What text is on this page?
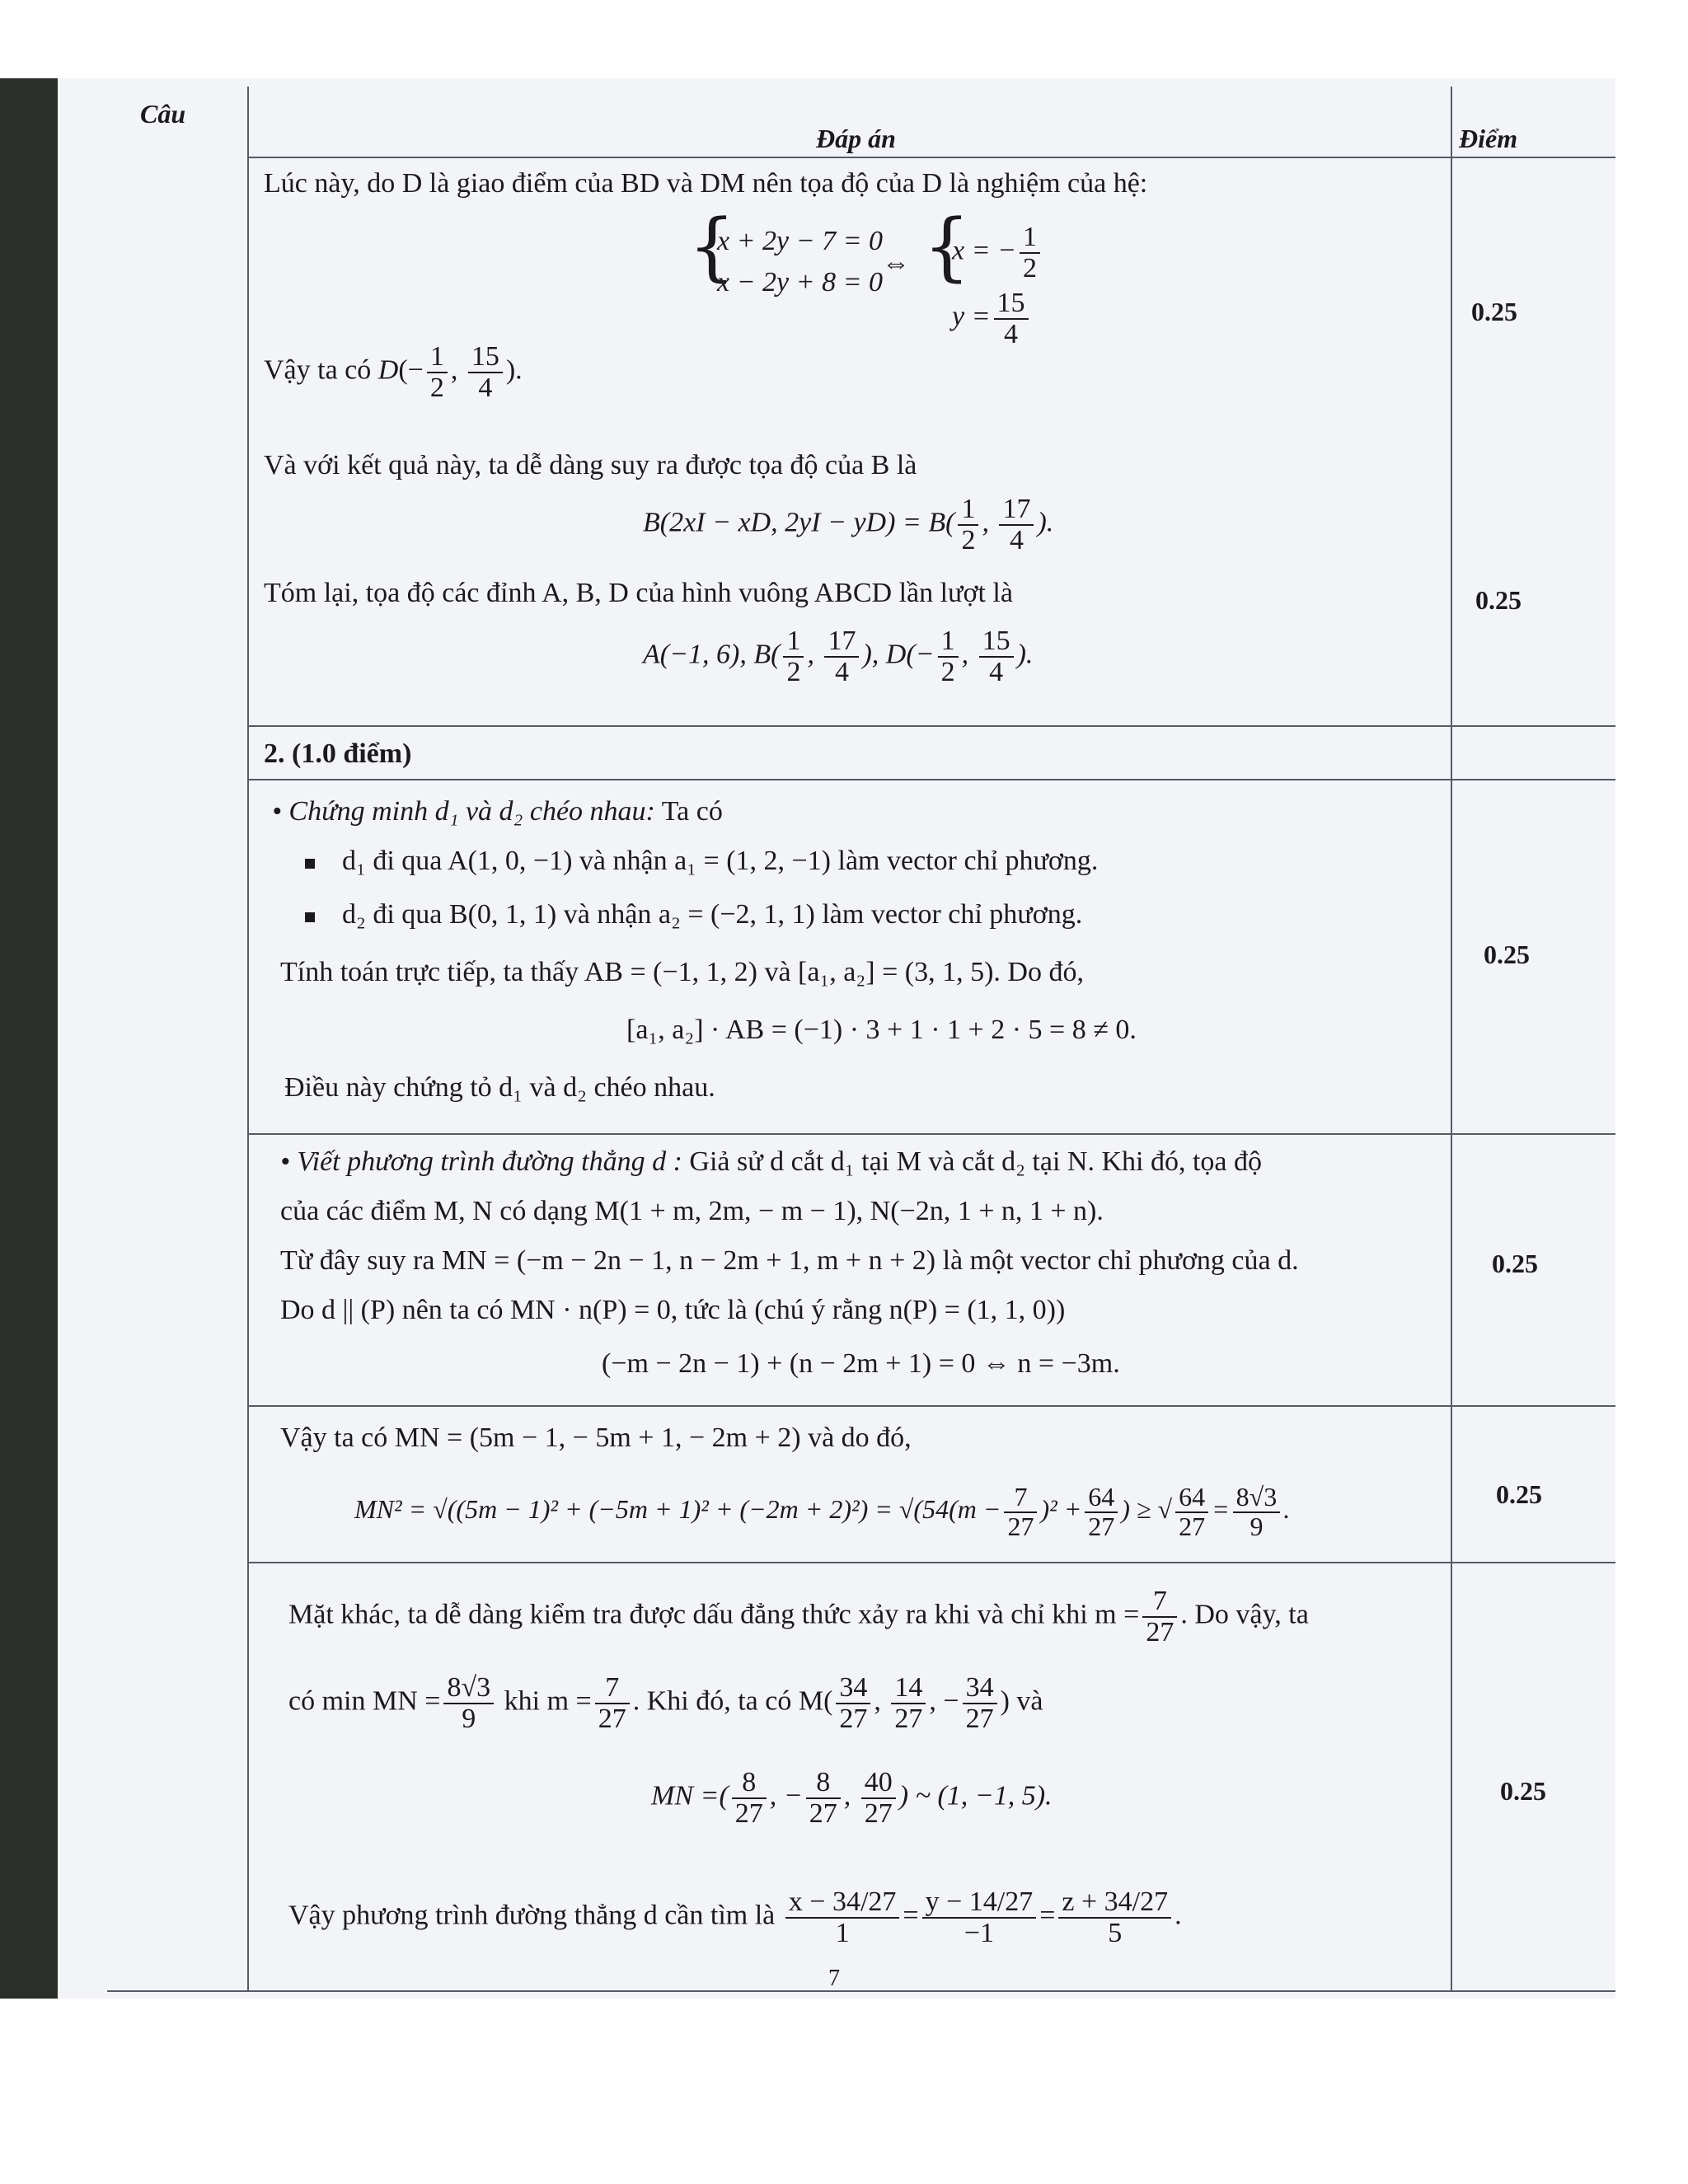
Câu
Đáp án	Điểm
Lúc này, do D là giao điểm của BD và DM nên tọa độ của D là nghiệm của hệ:
{
x + 2y − 7 = 0
x − 2y + 8 = 0
⇔ {
x = − $\frac{1}{2}$
$y = \frac{15}{4}$
Vậy ta có $D(- \frac{1}{2}$ , $\frac{15}{4}$ ).
0.25
Và với kết quả này, ta dễ dàng suy ra được tọa độ của B là
B(2xI − xD, $2yI - yD) = B( \frac{1}{2}$ , $\frac{17}{4}$ ).
Tóm lại, tọa độ các đỉnh A, B, D của hình vuông ABCD lần lượt là
A(−1, 6), $B( \frac{1}{2}$ , $\frac{17}{4}$ ), $D(- \frac{1}{2}$ , $\frac{15}{4}$ ).
0.25
2. (1.0 điểm)
• Chứng minh d₁ và d₂ chéo nhau: Ta có
d₁ đi qua A(1, 0, −1) và nhận a₁ = (1, 2, −1) làm vector chỉ phương.
d₂ đi qua B(0, 1, 1) và nhận a₂ = (−2, 1, 1) làm vector chỉ phương.
Tính toán trực tiếp, ta thấy AB = (−1, 1, 2) và [a₁, a₂] = (3, 1, 5). Do đó,
[a₁, a₂] · AB = (−1) · 3 + 1 · 1 + 2 · 5 = 8 ≠ 0.
Điều này chứng tỏ d₁ và d₂ chéo nhau.
0.25
• Viết phương trình đường thẳng d : Giả sử d cắt d₁ tại M và cắt d₂ tại N. Khi đó, tọa độ
của các điểm M, N có dạng M(1 + m, 2m, − m − 1), N(−2n, 1 + n, 1 + n).
Từ đây suy ra MN = (−m − 2n − 1, n − 2m + 1, m + n + 2) là một vector chỉ phương của d.
Do d || (P) nên ta có MN · n(P) = 0, tức là (chú ý rằng n(P) = (1, 1, 0))
(−m − 2n − 1) + (n − 2m + 1) = 0 ⇔ n = −3m.
0.25
Vậy ta có MN = (5m − 1, − 5m + 1, − 2m + 2) và do đó,
$MN^2 = √((5m - 1)^2 + (-5m + 1)^2 + (-2m + 2)^2) = √(54(m - \frac{7}{27} )^2 + \frac{64}{27}$ ) ≥ √ $\frac{64}{27} = \frac{8√3}{9}$ .	0.25
Mặt khác, ta dễ dàng kiểm tra được dấu đẳng thức xảy ra khi và chỉ khi $m = \frac{7}{27}$ . Do vậy, ta
có min MN = $\frac{8√3}{9}$ khi $m = \frac{7}{27}$ . Khi đó, ta có $M( \frac{34}{27}$ , $\frac{14}{27}$ , − $\frac{34}{27}$ ) và
MN =( $\frac{8}{27}$ , − $\frac{8}{27}$ , $\frac{40}{27}$ ) ~ (1, −1, 5).
Vậy phương trình đường thẳng d cần tìm là $\frac{x - 34/27}{1} = \frac{y - 14/27}{-1} = \frac{z + 34/27}{5}$ .
0.25
7
